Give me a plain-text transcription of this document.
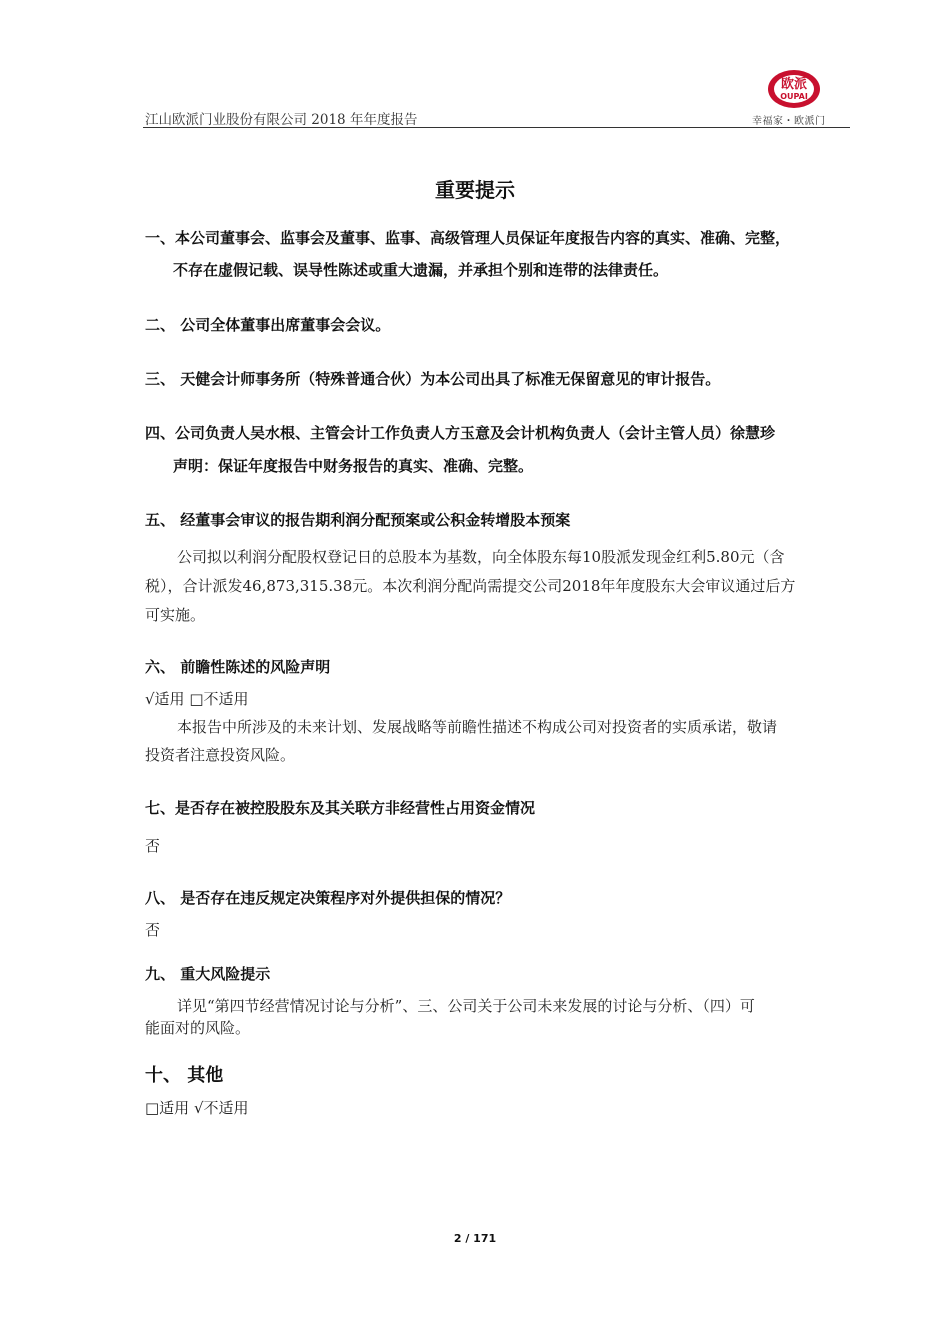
江山欧派门业股份有限公司 2018 年年度报告
欧派
OUPAI
幸福家・欧派门
重要提示
一、本公司董事会、监事会及董事、监事、高级管理人员保证年度报告内容的真实、准确、完整，
不存在虚假记载、误导性陈述或重大遗漏，并承担个别和连带的法律责任。
二、 公司全体董事出席董事会会议。
三、 天健会计师事务所（特殊普通合伙）为本公司出具了标准无保留意见的审计报告。
四、公司负责人吴水根、主管会计工作负责人方玉意及会计机构负责人（会计主管人员）徐慧珍
声明：保证年度报告中财务报告的真实、准确、完整。
五、 经董事会审议的报告期利润分配预案或公积金转增股本预案
公司拟以利润分配股权登记日的总股本为基数，向全体股东每10股派发现金红利5.80元（含
税），合计派发46,873,315.38元。本次利润分配尚需提交公司2018年年度股东大会审议通过后方
可实施。
六、 前瞻性陈述的风险声明
√适用 □不适用
本报告中所涉及的未来计划、发展战略等前瞻性描述不构成公司对投资者的实质承诺，敬请
投资者注意投资风险。
七、是否存在被控股股东及其关联方非经营性占用资金情况
否
八、 是否存在违反规定决策程序对外提供担保的情况？
否
九、 重大风险提示
详见“第四节经营情况讨论与分析”、三、公司关于公司未来发展的讨论与分析、（四）可
能面对的风险。
十、 其他
□适用 √不适用
2 / 171
